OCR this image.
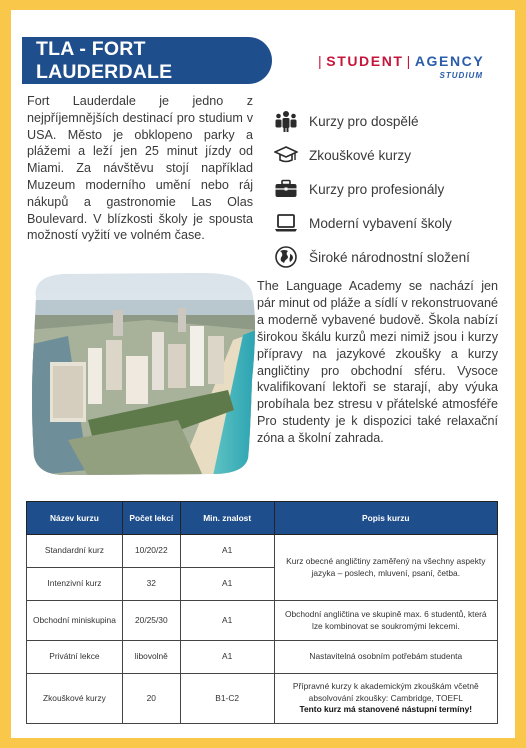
TLA - FORT LAUDERDALE	| STUDENT | AGENCY
STUDIUM

Fort Lauderdale je jedno z nejpříjemnějších destinací pro studium v USA. Město je obklopeno parky a plážemi a leží jen 25 minut jízdy od Miami. Za návštěvu stojí například Muzeum moderního umění nebo ráj nákupů a gastronomie Las Olas Boulevard. V blízkosti školy je spousta možností vyžití ve volném čase.

Kurzy pro dospělé
Zkouškové kurzy
Kurzy pro profesionály
Moderní vybavení školy
Široké národnostní složení

The Language Academy se nachází jen pár minut od pláže a sídlí v rekonstruované a moderně vybavené budově. Škola nabízí širokou škálu kurzů mezi nimiž jsou i kurzy přípravy na jazykové zkoušky a kurzy angličtiny pro obchodní sféru. Vysoce kvalifikovaní lektoři se starají, aby výuka probíhala bez stresu v přátelské atmosféře Pro studenty je k dispozici také relaxační zóna a školní zahrada.

Název kurzu	Počet lekcí	Min. znalost	Popis kurzu
Standardní kurz	10/20/22	A1	Kurz obecné angličtiny zaměřený na všechny aspekty jazyka – poslech, mluvení, psaní, četba.
Intenzivní kurz	32	A1	
Obchodní miniskupina	20/25/30	A1	Obchodní angličtina ve skupině max. 6 studentů, která lze kombinovat se soukromými lekcemi.
Privátní lekce	libovolně	A1	Nastavitelná osobním potřebám studenta
Zkouškové kurzy	20	B1-C2	Přípravné kurzy k akademickým zkouškám včetně absolvování zkoušky: Cambridge, TOEFL
Tento kurz má stanovené nástupní termíny!
